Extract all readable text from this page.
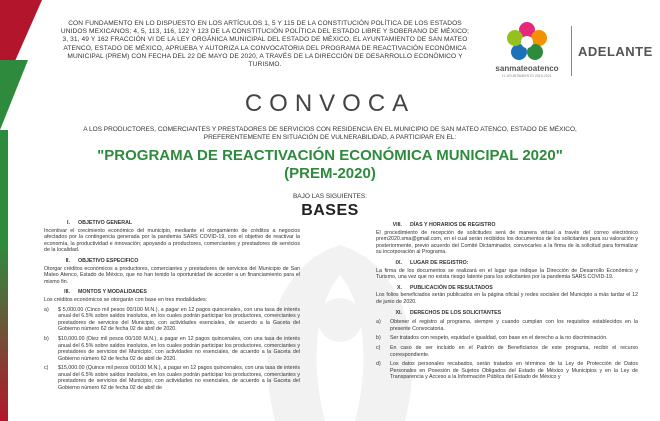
CON FUNDAMENTO EN LO DISPUESTO EN LOS ARTÍCULOS 1, 5 Y 115 DE LA CONSTITUCIÓN POLÍTICA DE LOS ESTADOS UNIDOS MEXICANOS; 4, 5, 113, 116, 122 Y 123 DE LA CONSTITUCIÓN POLÍTICA DEL ESTADO LIBRE Y SOBERANO DE MÉXICO; 3, 31, 49 Y 162 FRACCIÓN VI DE LA LEY ORGÁNICA MUNICIPAL DEL ESTADO DE MÉXICO, EL AYUNTAMIENTO DE SAN MATEO ATENCO, ESTADO DE MÉXICO, APRUEBA Y AUTORIZA LA CONVOCATORIA DEL PROGRAMA DE REACTIVACIÓN ECONÓMICA MUNICIPAL (PREM) CON FECHA DEL 22 DE MAYO DE 2020, A TRAVÉS DE LA DIRECCIÓN DE DESARROLLO ECONÓMICO Y TURISMO.	sanmateoatenco
H. AYUNTAMIENTO 2019-2021
ADELANTE
CONVOCA
A LOS PRODUCTORES, COMERCIANTES Y PRESTADORES DE SERVICIOS CON RESIDENCIA EN EL MUNICIPIO DE SAN MATEO ATENCO, ESTADO DE MÉXICO,
PREFERENTEMENTE EN SITUACIÓN DE VULNERABILIDAD, A PARTICIPAR EN EL:
"PROGRAMA DE REACTIVACIÓN ECONÓMICA MUNICIPAL 2020"
(PREM-2020)
BAJO LAS SIGUIENTES:
BASES
I.	OBJETIVO GENERAL

Incentivar el crecimiento económico del municipio, mediante el otorgamiento de créditos a negocios afectados por la contingencia generada por la pandemia SARS COVID-19, con el objetivo de reactivar la economía, la productividad e innovación; apoyando a productores, comerciantes y prestadores de servicios de la localidad.

II.	OBJETIVO ESPECIFICO

Otorgar créditos económicos a productores, comerciantes y prestadores de servicios del Municipio de San Mateo Atenco, Estado de México, que no han tenido la oportunidad de acceder a un financiamiento para el mismo fin.

III.	MONTOS Y MODALIDADES

Los créditos económicos se otorgarán con base en tres modalidades:

a)	$ 5,000.00 (Cinco mil pesos 00/100 M.N.), a pagar en 12 pagos quincenales, con una tasa de interés anual del 6.5% sobre saldos insolutos, en los cuales podrán participar los productores, comerciantes y prestadores de servicios del Municipio, con actividades esenciales, de acuerdo a la Gaceta del Gobierno número 62 de fecha 02 de abril de 2020.
b)	$10,000.00 (Diez mil pesos 00/100 M.N.), a pagar en 12 pagos quincenales, con una tasa de interés anual del 6.5% sobre saldos insolutos, en los cuales podrán participar los productores, comerciantes y prestadores de servicios del Municipio, con actividades no esenciales, de acuerdo a la Gaceta del Gobierno número 62 de fecha 02 de abril de 2020.
c)	$15,000.00 (Quince mil pesos 00/100 M.N.), a pagar en 12 pagos quincenales, con una tasa de interés anual del 6.5% sobre saldos insolutos, en los cuales podrán participar los productores, comerciantes y prestadores de servicios del Municipio, con actividades no esenciales, de acuerdo a la Gaceta del Gobierno número 62 de fecha 02 de abril de
VIII.	DÍAS Y HORARIOS DE REGISTRO

El procedimiento de recepción de solicitudes será de manera virtual a través del correo electrónico prem2020.sma@gmail.com, en el cual serán recibidos los documentos de los solicitantes para su valoración y posteriormente, previo acuerdo del Comité Dictaminador, convocarles a la firma de la solicitud para formalizar su incorporación al Programa.

IX.	LUGAR DE REGISTRO:

La firma de los documentos se realizará en el lugar que indique la Dirección de Desarrollo Económico y Turismo, una vez que no exista riesgo latente para los solicitantes por la pandemia SARS COVID-19.

X.	PUBLICACIÓN DE RESULTADOS

Los folios beneficiados serán publicados en la página oficial y redes sociales del Municipio a más tardar el 12 de junio de 2020.

XI.	DERECHOS DE LOS SOLICITANTES
a)	Obtener el registro al programa, siempre y cuando cumplan con los requisitos establecidos en la presente Convocatoria.
b)	Ser tratados con respeto, equidad e igualdad, con base en el derecho a la no discriminación.
c)	En caso de ser incluido en el Padrón de Beneficiarios de este programa, recibir el recurso correspondiente.
d)	Los datos personales recabados, serán tratados en términos de la Ley de Protección de Datos Personales en Posesión de Sujetos Obligados del Estado de México y Municipios y en la Ley de Transparencia y Acceso a la Información Pública del Estado de México y
